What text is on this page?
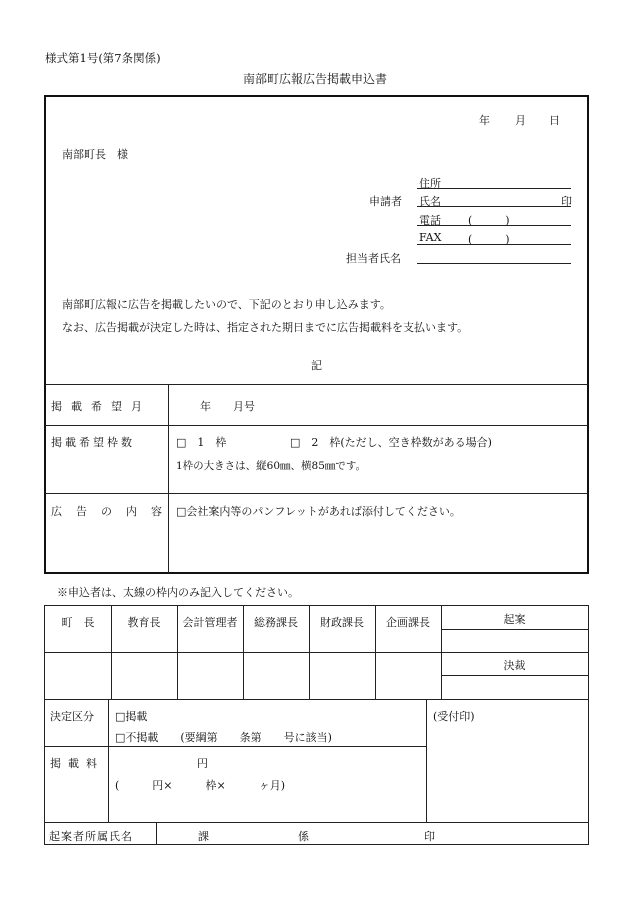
様式第1号(第7条関係)
南部町広報広告掲載申込書
年 月 日
南部町長　様
住所
申請者 氏名	印
電話 (　　　)
FAX (　　　)
担当者氏名
南部町広報に広告を掲載したいので、下記のとおり申し込みます。
なお、広告掲載が決定した時は、指定された期日までに広告掲載料を支払います。
記
掲載希望月	年　　月号
掲載希望枠数	□　1　枠	□　2　枠(ただし、空き枠数がある場合)
1枠の大きさは、縦60㎜、横85㎜です。
広告の内容 □会社案内等のパンフレットがあれば添付してください。
※申込者は、太線の枠内のみ記入してください。
町　長	教育長	会計管理者	総務課長	財政課長	企画課長	起案
決裁
決定区分 □掲載
□不掲載　　(要綱第　　条第　　号に該当)
(受付印)
掲載料	円
(　　　円×　　　枠×　　　ヶ月)
起案者所属氏名	課	係	印
